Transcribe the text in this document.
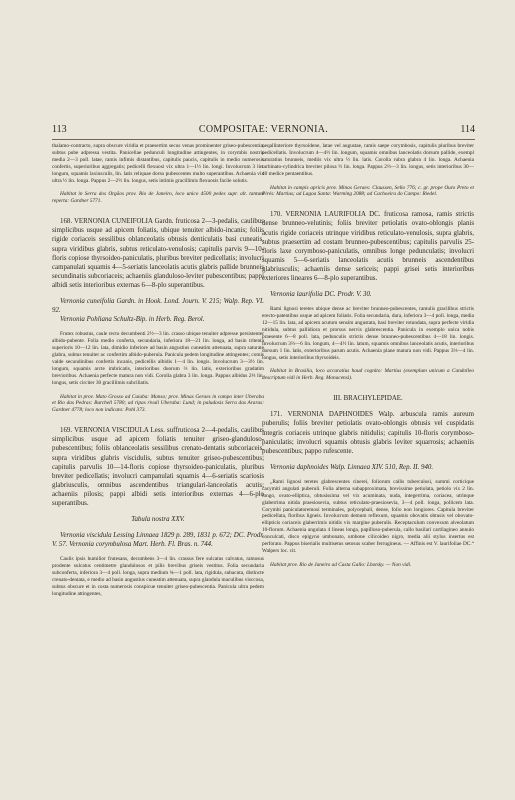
113	COMPOSITAE: VERNONIA.	114

thalamo-contracto, supra obscure viridia et praesertim secus venas prominenter griseo-pubescentia, subtus pube adpressa vestita. Panicellae pedunculi longitudine attingentes, in corymbis nostris media 2—3 poll. latae, ramis infimis distantibus, capitulis paucis, capitulis in medio numerosis confertis, superioribus aggregatis; pedicelli flexuosi vix ultra 1—1½ lin. longi. Involucrum 3 lin. longum, squamis laxiusculis, lin. latis reliquae dorso pubescentes multo superantibus. Achaenia vix ultra ½ lin. longa. Pappus 2—2½ lin. longus, setis intimis gracillimis flexuosis facile solutis.

Habitat in Serra dos Orgãos prov. Rio de Janeiro, loco unico 4500 pedes supr. alt. tantum reperta: Gardner 5771.

168. VERNONIA CUNEIFOLIA Gardn. fruticosa 2—3-pedalis, caulibus simplicibus usque ad apicem foliatis, ubique tenuiter albido-incanis; foliis rigide coriaceis sessilibus oblanceolatis obtusis denticulatis basi cuneatis, supra viridibus glabris, subtus reticulato-venulosis; capitulis parvis 9—10-floris copiose thyrsoideo-paniculatis, pluribus breviter pedicellatis; involucri campanulati squamis 4—5-seriatis lanceolatis acutis glabris pallide brunneis secundinatis subcoriaceis; achaeniis glanduloso-leviter pubescentibus; pappi albidi setis interioribus externas 6—8-plo superantibus.

Vernonia cuneifolia Gardn. in Hook. Lond. Journ. V. 215; Walp. Rep. VI. 92.

Vernonia Pohliana Schultz-Bip. in Herb. Reg. Berol.

Frutex robustus, caule recto decumbenti 2½—3 lin. crasso ubique tenuiter adpresse persistenter albido-pubente. Folia medio conferta, secundaria, inferiora 18—21 lin. longa, ad basin tritenta superioris 10—12 lin. lata, dimidio inferiore ad basin angustius cuneatim attenuata, supra saturate glabra, subtus tenuiter ac confertim albido-puberula. Panicula pedem longitudine attingentes; comis valde secundinibus confertis incanis, pedicellis albidis 1—4 lin. longis. Involucrum 3—3½ lin. longum, squamis arcte imbricatis, interioribus duorum ⅔ lin. latis, exterioribus gradatim brevioribus. Achaenia perfecte matura non vidi. Corolla glabra 3 lin. longa. Pappus albidus 2⅓ lin. longus, setis circiter 30 gracillimis subciliatis.

Habitat in prov. Mato Grosso ad Cuiaba: Manso; prov. Minas Geraes in campo inter Uberaba et Rio das Pedras: Burchell 5780; ad ripas rivuli Uberaba: Lund; in paludosis Serra das Araras: Gardner 4778; loco non indicato: Pohl 373.

169. VERNONIA VISCIDULA Less. suffruticosa 2—4-pedalis, caulibus simplicibus usque ad apicem foliatis tenuiter griseo-glanduloso-pubescentibus; foliis oblanceolatis sessilibus crenato-dentatis subcoriaceis, supra viridibus glabris viscidulis, subtus tenuiter griseo-pubescentibus; capitulis parvulis 10—14-floris copiose thyrsoideo-paniculatis, pluribus breviter pedicellatis; involucri campanulati squamis 4—6-seriatis scariosis glabriusculis, omnibus ascendentibus triangulari-lanceolatis acutis; achaeniis pilosis; pappi albidi setis interioribus externas 4—6-plo superantibus.

Tabula nostra XXV.

Vernonia viscidula Lessing Linnaea 1829 p. 289, 1831 p. 672; DC. Prodr. V. 57. Vernonia corymbulosa Mart. Herb. Fl. Bras. n. 744.

Caulis ipsis humilior frutesans, decumbens 3—4 lin. crassus fere sulcatus calvatus, ramosus prodente sulcatus centimetre glandulosos et pilis brevibus griseis vestitus. Folia secundaria subconferta, inferiora 3—4 poll. longa, supra medium ¾—1 poll. lata, rigidula, subacuta, distincte crenato-dentata, e medio ad basin angustius cuneatim attenuata, supra glandula maculibus visccosa, subtus obscure et in costa numerosis conspicue tenuiter griseo-pubescentia. Panicula ultra pedem longitudine attingentes,

neqallinteriore thyrsoidene, latae vel augustae, ramis saepe corymbosis, capitulis pluribus breviter pedicellatis. Involucrum 4—4½ lin. longum, squamis omnibus lanceolatis dorsum pallide, exempl saturatius brunneis, mediis vix ultra ½ lin. latis. Corolla rubra glabra 4 lin. longa. Achaenia turbinato-cylindrica breviter pilosa ½ lin. longa. Pappus 2⅔—3 lin. longus, setis interioribus 30—40 medice pentaentibus.

Habitat in campis apricis prov. Minas Geraes: Claussen, Sello 776; c. gr. prope Ouro Preto et Pirés: Martius; ad Lagoa Santa: Warming 2088; ad Cachoeira do Campo: Riedel.

170. VERNONIA LAURIFOLIA DC. fruticosa ramosa, ramis strictis dense brunneo-velutinis; foliis breviter petiolatis ovato-oblongis planis acutis rigide coriaceis utrinque viridibus reticulato-venulosis, supra glabris, subtus praesertim ad costam brunneo-pubescentibus; capitulis parvulis 25-floris laxe corymboso-paniculatis, omnibus longe pedunculatis; involucri squamis 5—6-seriatis lanceolatis acutis brunneis ascendentibus glabriusculis; achaeniis dense sericeis; pappi grisei setis interioribus exteriores lineares 6—8-plo superantibus.

Vernonia laurifolia DC. Prodr. V. 30.

Rami lignosi teretes ubique dense ac breviter brunneo-pubescentes, ramulis gracilibus strictis erecto-patentibus usque ad apicem foliatis. Folia secundaria, dura, inferiora 3—4 poll. longa, media 12—15 lin. lata, ad apicem acutum sensim angustata, basi breviter rotundata, supra perfecte viridia nitidula, subtus pallidiora et prorsus nervis glabrescentia. Panicula in exemplo unica nobis praesente 6—8 poll. lata, pedunculis strictis dense brunneo-pubescentibus 4—18 lin. longis. Involucrum 3⅔—6 lin. longum, 4—4½ lin. latum, squamis omnibus lanceolatis acutis, interioribus dorsum 1 lin. latis, exterioribus parum acutis. Achaenia plane matura non vidi. Pappus 3⅔—4 lin. longus, setis interioribus thyrsoideis.

Habitat in Brasilia, loco accuratius haud cognito: Martius (exemplum unicum a Candolleo descriptum vidi in Herb. Reg. Monacensi).

III. BRACHYLEPIDAE.

171. VERNONIA DAPHNOIDES Walp. arbuscula ramis aureum puberulis; foliis breviter petiolatis ovato-oblongis obtusis vel cuspidatis integris coriaceis utrinque glabris nitidulis; capitulis 10-floris corymboso-paniculatis; involucri squamis obtusis glabris leviter squarrosis; achaeniis pubescentibus; pappo rufescente.

Vernonia daphnoides Walp. Linnaea XIV. 510, Rep. II. 940.

„Rami lignosi teretes glabrescentes cinerei, foliorum callis tuberculosi, summi corticique cacymiti angulati puberuli. Folia alterna subapproximata, brevissime petiolata, petiolo vix 2 lin. longo, ovato-elliptica, obtusissima vel vix acuminata, nuda, integerrima, coriacea, utrinque glaberrima nitida praesiosevia, subtus reticulato-praesiosevia, 3—4 poll. longa, pollicem lata. Corymbi paniculatoremosi terminales, polycephali, dense, folio non longiores. Capitula breviter pedicellata, floribus ligneis. Involucrum demum reflexum, squamis obovatis obtusis vel obovato-ellipticis coriaceis glaberrimis nitidis vix margine puberulis. Receptaculum convexum alveolatum 10-florum. Achaenia angulata 4 lineas longa, papilloso-puberula, callo basilari cartilagineo annulo conculcati, disco epigyno umbonato, umbone cilicoideo nigro, media alii stylus insertus est perforato. Pappus biserialis multisetus setosus scaber ferrugineus. — Affinis est V. laurifoliae DC.“ Walpers loc. cit.

Habitat prov. Rio de Janeiro ad Casta Gallo: Lhotsky. — Non vidi.
